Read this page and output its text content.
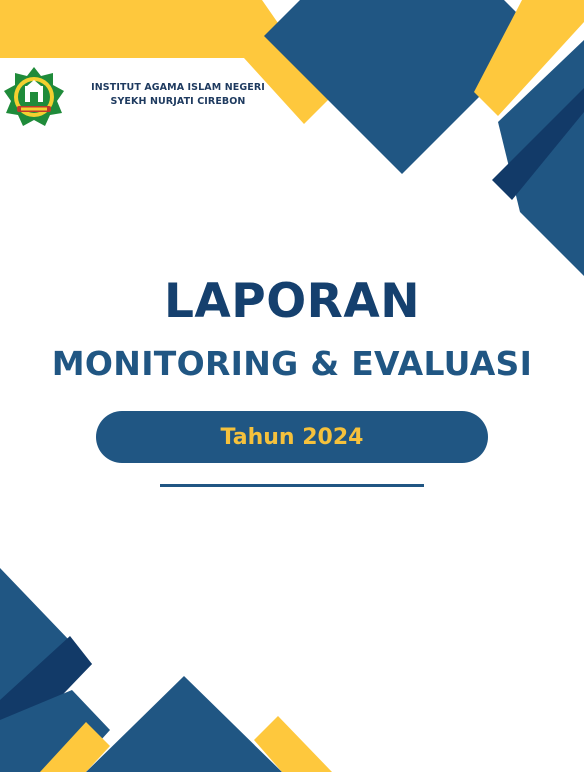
INSTITUT AGAMA ISLAM NEGERI
SYEKH NURJATI CIREBON
LAPORAN
MONITORING & EVALUASI
Tahun 2024
